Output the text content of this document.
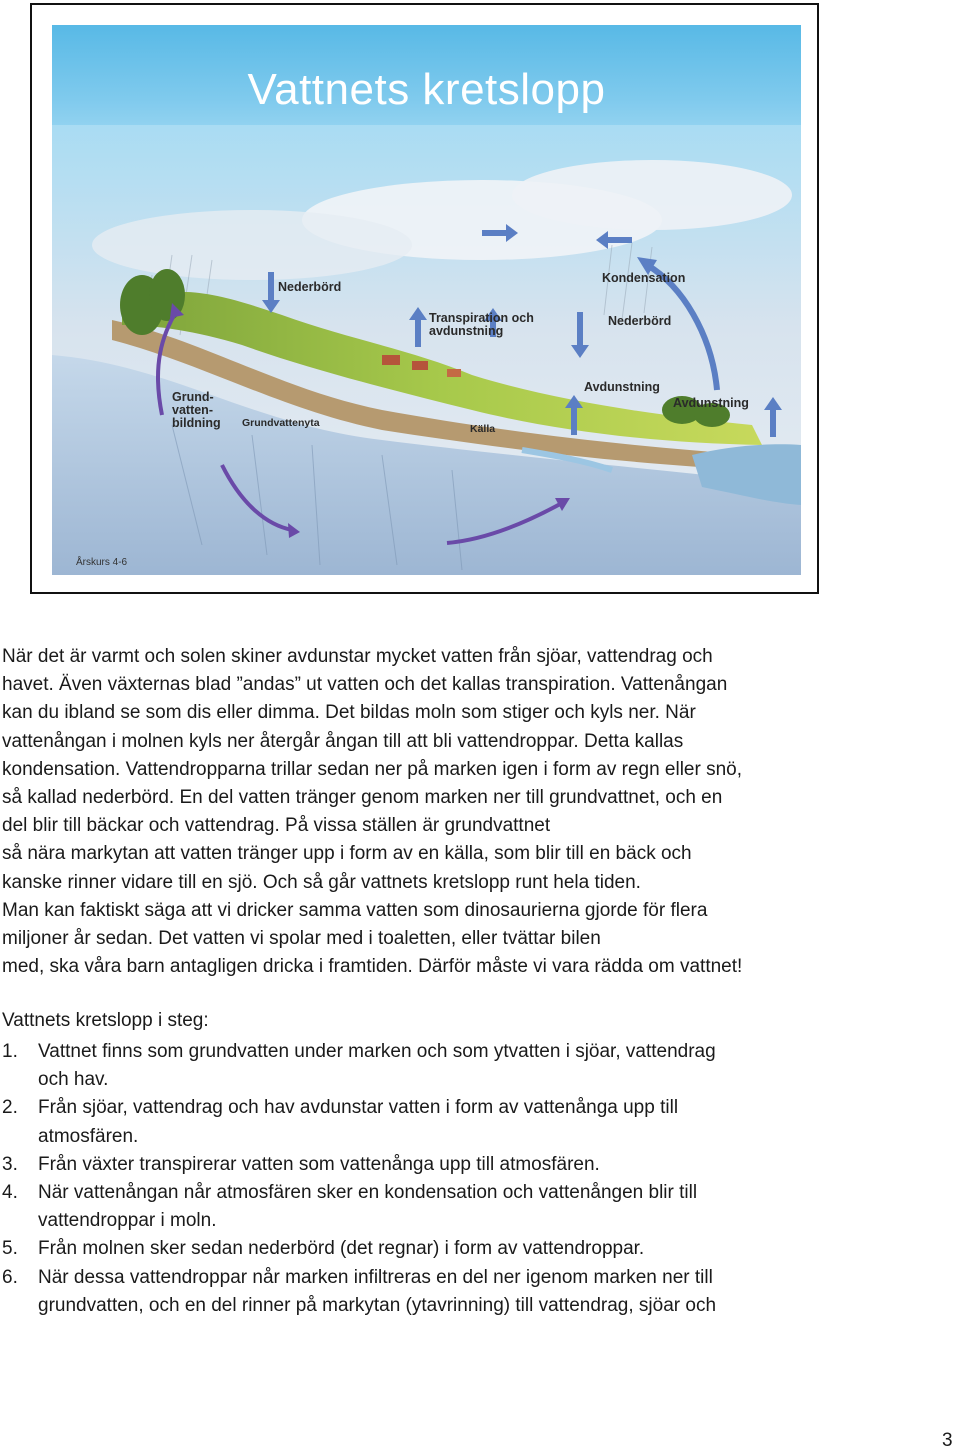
Vattnets kretslopp
Nederbörd
Transpiration och
avdunstning
Kondensation
Nederbörd
Avdunstning
Avdunstning
Grund-
vatten-
bildning Grundvattenyta	Källa
Årskurs 4-6
När det är varmt och solen skiner avdunstar mycket vatten från sjöar, vattendrag och
havet. Även växternas blad ”andas” ut vatten och det kallas transpiration. Vattenångan
kan du ibland se som dis eller dimma. Det bildas moln som stiger och kyls ner. När
vattenångan i molnen kyls ner återgår ångan till att bli vattendroppar. Detta kallas
kondensation. Vattendropparna trillar sedan ner på marken igen i form av regn eller snö,
så kallad nederbörd. En del vatten tränger genom marken ner till grundvattnet, och en
del blir till bäckar och vattendrag. På vissa ställen är grundvattnet
så nära markytan att vatten tränger upp i form av en källa, som blir till en bäck och
kanske rinner vidare till en sjö. Och så går vattnets kretslopp runt hela tiden.
Man kan faktiskt säga att vi dricker samma vatten som dinosaurierna gjorde för flera
miljoner år sedan. Det vatten vi spolar med i toaletten, eller tvättar bilen
med, ska våra barn antagligen dricka i framtiden. Därför måste vi vara rädda om vattnet!
Vattnets kretslopp i steg:
1. Vattnet finns som grundvatten under marken och som ytvatten i sjöar, vattendrag
och hav.
2. Från sjöar, vattendrag och hav avdunstar vatten i form av vattenånga upp till
atmosfären.
3. Från växter transpirerar vatten som vattenånga upp till atmosfären.
4. När vattenångan når atmosfären sker en kondensation och vattenången blir till
vattendroppar i moln.
5. Från molnen sker sedan nederbörd (det regnar) i form av vattendroppar.
6. När dessa vattendroppar når marken infiltreras en del ner igenom marken ner till
grundvatten, och en del rinner på markytan (ytavrinning) till vattendrag, sjöar och
3
